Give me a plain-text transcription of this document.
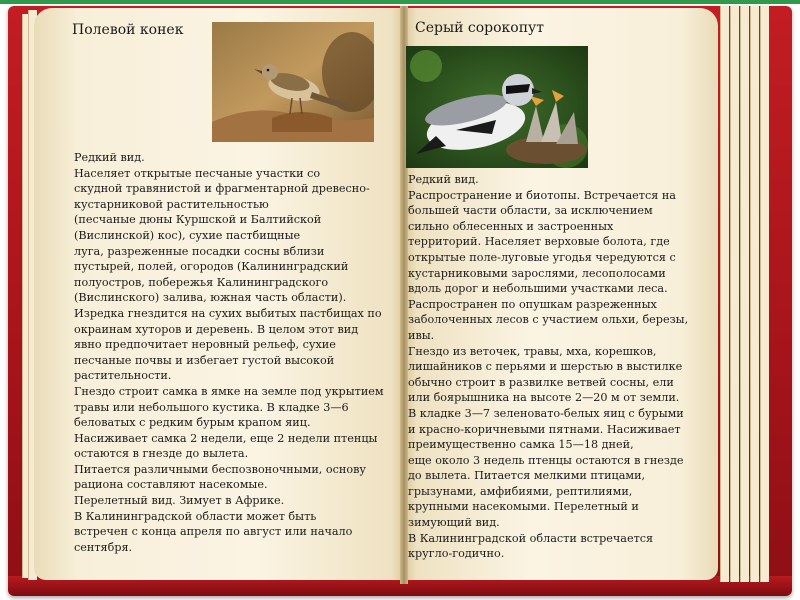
Полевой конек
Редкий вид.
Населяет открытые песчаные участки со
скудной травянистой и фрагментарной древесно-
кустарниковой растительностью
(песчаные дюны Куршской и Балтийской
(Вислинской) кос), сухие пастбищные
луга, разреженные посадки сосны вблизи
пустырей, полей, огородов (Калининградский
полуостров, побережья Калининградского
(Вислинского) залива, южная часть области).
Изредка гнездится на сухих выбитых пастбищах по
окраинам хуторов и деревень. В целом этот вид
явно предпочитает неровный рельеф, сухие
песчаные почвы и избегает густой высокой
растительности.
Гнездо строит самка в ямке на земле под укрытием
травы или небольшого кустика. В кладке 3—6
беловатых с редким бурым крапом яиц.
Насиживает самка 2 недели, еще 2 недели птенцы
остаются в гнезде до вылета.
Питается различными беспозвоночными, основу
рациона составляют насекомые.
Перелетный вид. Зимует в Африке.
В Калининградской области может быть
встречен с конца апреля по август или начало
сентября.
Серый сорокопут
Редкий вид.
Распространение и биотопы. Встречается на
большей части области, за исключением
сильно облесенных и застроенных
территорий. Населяет верховые болота, где
открытые поле-луговые угодья чередуются с
кустарниковыми зарослями, лесополосами
вдоль дорог и небольшими участками леса.
Распространен по опушкам разреженных
заболоченных лесов с участием ольхи, березы,
ивы.
Гнездо из веточек, травы, мха, корешков,
лишайников с перьями и шерстью в выстилке
обычно строит в развилке ветвей сосны, ели
или боярышника на высоте 2—20 м от земли.
В кладке 3—7 зеленовато-белых яиц с бурыми
и красно-коричневыми пятнами. Насиживает
преимущественно самка 15—18 дней,
еще около 3 недель птенцы остаются в гнезде
до вылета. Питается мелкими птицами,
грызунами, амфибиями, рептилиями,
крупными насекомыми. Перелетный и
зимующий вид.
В Калининградской области встречается
кругло-годично.
